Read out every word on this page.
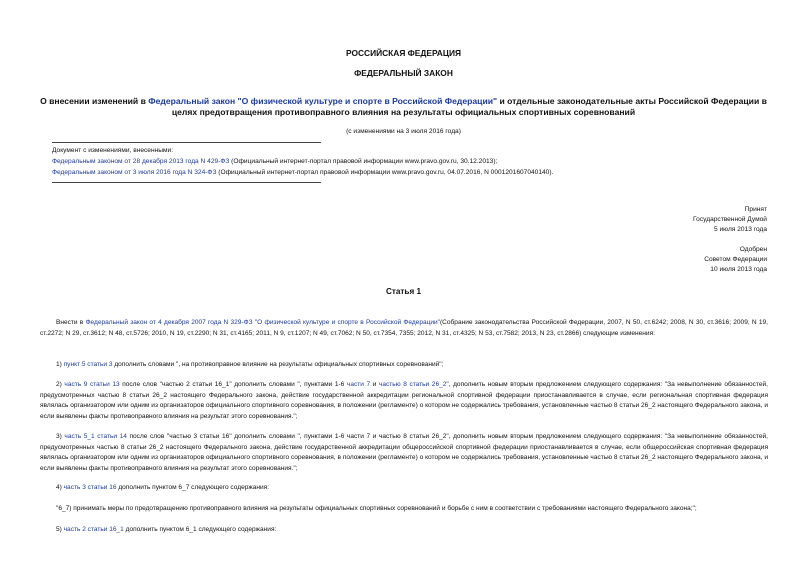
РОССИЙСКАЯ ФЕДЕРАЦИЯ
ФЕДЕРАЛЬНЫЙ ЗАКОН
О внесении изменений в Федеральный закон "О физической культуре и спорте в Российской Федерации" и отдельные законодательные акты Российской Федерации в целях предотвращения противоправного влияния на результаты официальных спортивных соревнований
(с изменениями на 3 июля 2016 года)

Документ с изменениями, внесенными:

Федеральным законом от 28 декабря 2013 года N 429-ФЗ (Официальный интернет-портал правовой информации www.pravo.gov.ru, 30.12.2013);

Федеральным законом от 3 июля 2016 года N 324-ФЗ (Официальный интернет-портал правовой информации www.pravo.gov.ru, 04.07.2016, N 0001201607040140).

Принят
Государственной Думой
5 июля 2013 года
Одобрен
Советом Федерации
10 июля 2013 года
Статья 1

Внести в Федеральный закон от 4 декабря 2007 года N 329-ФЗ "О физической культуре и спорте в Российской Федерации"(Собрание законодательства Российской Федерации, 2007, N 50, ст.6242; 2008, N 30, ст.3616; 2009, N 19, ст.2272; N 29, ст.3612; N 48, ст.5726; 2010, N 19, ст.2290; N 31, ст.4165; 2011, N 9, ст.1207; N 49, ст.7062; N 50, ст.7354, 7355; 2012, N 31, ст.4325; N 53, ст.7582; 2013, N 23, ст.2866) следующие изменения:

1) пункт 5 статьи 3 дополнить словами ", на противоправное влияние на результаты официальных спортивных соревнований";

2) часть 9 статьи 13 после слов "частью 2 статьи 16_1" дополнить словами ", пунктами 1-6 части 7 и частью 8 статьи 26_2", дополнить новым вторым предложением следующего содержания: "За невыполнение обязанностей, предусмотренных частью 8 статьи 26_2 настоящего Федерального закона, действие государственной аккредитации региональной спортивной федерации приостанавливается в случае, если региональная спортивная федерация являлась организатором или одним из организаторов официального спортивного соревнования, в положении (регламенте) о котором не содержались требования, установленные частью 8 статьи 26_2 настоящего Федерального закона, и если выявлены факты противоправного влияния на результат этого соревнования.";

3) часть 5_1 статьи 14 после слов "частью 3 статьи 16" дополнить словами ", пунктами 1-6 части 7 и частью 8 статьи 26_2", дополнить новым вторым предложением следующего содержания: "За невыполнение обязанностей, предусмотренных частью 8 статьи 26_2 настоящего Федерального закона, действие государственной аккредитации общероссийской спортивной федерации приостанавливается в случае, если общероссийская спортивная федерация являлась организатором или одним из организаторов официального спортивного соревнования, в положении (регламенте) о котором не содержались требования, установленные частью 8 статьи 26_2 настоящего Федерального закона, и если выявлены факты противоправного влияния на результат этого соревнования.";

4) часть 3 статьи 16 дополнить пунктом 6_7 следующего содержания:

"6_7) принимать меры по предотвращению противоправного влияния на результаты официальных спортивных соревнований и борьбе с ним в соответствии с требованиями настоящего Федерального закона;";

5) часть 2 статьи 16_1 дополнить пунктом 6_1 следующего содержания:
